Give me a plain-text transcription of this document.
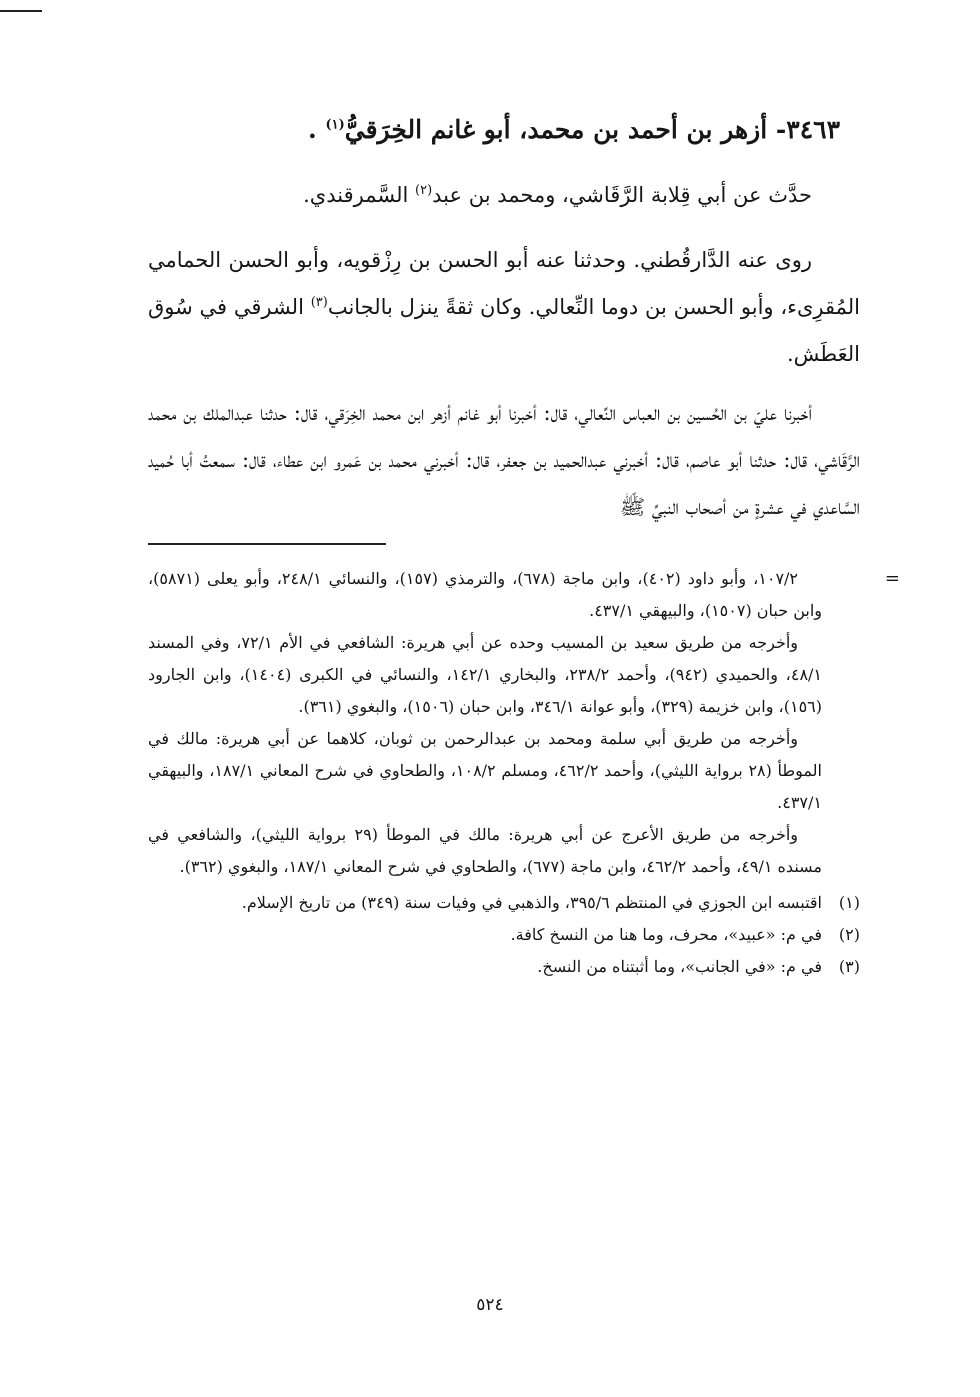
٣٤٦٣- أزهر بن أحمد بن محمد، أبو غانم الخِرَقيُّ$^{(١)}$ .

حدَّث عن أبي قِلابة الرَّقَاشي، ومحمد بن عبد$^{(٢)}$ السَّمرقندي.

روى عنه الدَّارقُطني. وحدثنا عنه أبو الحسن بن رِزْقويه، وأبو الحسن الحمامي المُقرِىء، وأبو الحسن بن دوما النِّعالي. وكان ثقةً ينزل بالجانب$^{(٣)}$ الشرقي في سُوق العَطَش.

أخبرنا عليّ بن الحُسين بن العباس النِّعالي، قال: أخبرنا أبو غانم أزهر ابن محمد الخِرَقي، قال: حدثنا عبدالملك بن محمد الرَّقَاشي، قال: حدثنا أبو عاصم، قال: أخبرني عبدالحميد بن جعفر، قال: أخبرني محمد بن عَمرو ابن عطاء، قال: سمعتُ أبا حُميد السَّاعدي في عشرةٍ من أصحاب النبيِّ ﷺ

=

١٠٧/٢، وأبو داود (٤٠٢)، وابن ماجة (٦٧٨)، والترمذي (١٥٧)، والنسائي ٢٤٨/١، وأبو يعلى (٥٨٧١)، وابن حبان (١٥٠٧)، والبيهقي ٤٣٧/١.

وأخرجه من طريق سعيد بن المسيب وحده عن أبي هريرة: الشافعي في الأم ٧٢/١، وفي المسند ٤٨/١، والحميدي (٩٤٢)، وأحمد ٢٣٨/٢، والبخاري ١٤٢/١، والنسائي في الكبرى (١٤٠٤)، وابن الجارود (١٥٦)، وابن خزيمة (٣٢٩)، وأبو عوانة ٣٤٦/١، وابن حبان (١٥٠٦)، والبغوي (٣٦١).

وأخرجه من طريق أبي سلمة ومحمد بن عبدالرحمن بن ثوبان، كلاهما عن أبي هريرة: مالك في الموطأ (٢٨ برواية الليثي)، وأحمد ٤٦٢/٢، ومسلم ١٠٨/٢، والطحاوي في شرح المعاني ١٨٧/١، والبيهقي ٤٣٧/١.

وأخرجه من طريق الأعرج عن أبي هريرة: مالك في الموطأ (٢٩ برواية الليثي)، والشافعي في مسنده ٤٩/١، وأحمد ٤٦٢/٢، وابن ماجة (٦٧٧)، والطحاوي في شرح المعاني ١٨٧/١، والبغوي (٣٦٢).

(١)
اقتبسه ابن الجوزي في المنتظم ٣٩٥/٦، والذهبي في وفيات سنة (٣٤٩) من تاريخ الإسلام.
(٢)
في م: «عبيد»، محرف، وما هنا من النسخ كافة.
(٣)
في م: «في الجانب»، وما أثبتناه من النسخ.
٥٢٤
